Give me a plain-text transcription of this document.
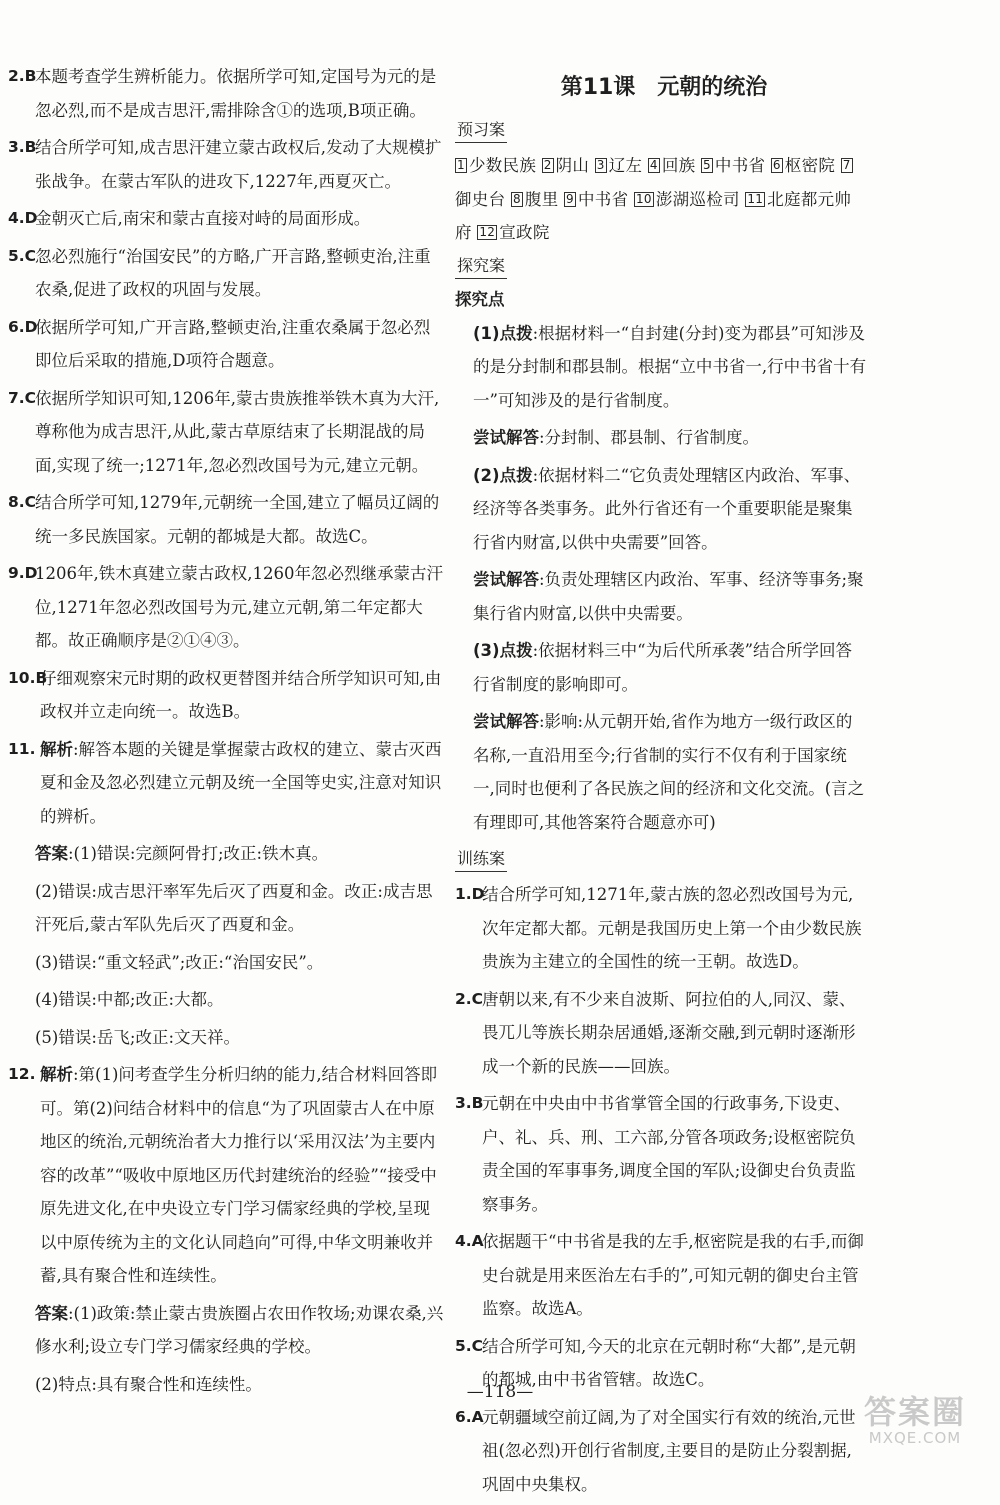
2.B
本题考查学生辨析能力。依据所学可知,定国号为元的是忽必烈,而不是成吉思汗,需排除含①的选项,B项正确。
3.B
结合所学可知,成吉思汗建立蒙古政权后,发动了大规模扩张战争。在蒙古军队的进攻下,1227年,西夏灭亡。
4.D
金朝灭亡后,南宋和蒙古直接对峙的局面形成。
5.C
忽必烈施行“治国安民”的方略,广开言路,整顿吏治,注重农桑,促进了政权的巩固与发展。
6.D
依据所学可知,广开言路,整顿吏治,注重农桑属于忽必烈即位后采取的措施,D项符合题意。
7.C
依据所学知识可知,1206年,蒙古贵族推举铁木真为大汗,尊称他为成吉思汗,从此,蒙古草原结束了长期混战的局面,实现了统一;1271年,忽必烈改国号为元,建立元朝。
8.C
结合所学可知,1279年,元朝统一全国,建立了幅员辽阔的统一多民族国家。元朝的都城是大都。故选C。
9.D
1206年,铁木真建立蒙古政权,1260年忽必烈继承蒙古汗位,1271年忽必烈改国号为元,建立元朝,第二年定都大都。故正确顺序是②①④③。
10.B
仔细观察宋元时期的政权更替图并结合所学知识可知,由政权并立走向统一。故选B。
11. 解析:解答本题的关键是掌握蒙古政权的建立、蒙古灭西夏和金及忽必烈建立元朝及统一全国等史实,注意对知识的辨析。
答案:(1)错误:完颜阿骨打;改正:铁木真。
(2)错误:成吉思汗率军先后灭了西夏和金。改正:成吉思汗死后,蒙古军队先后灭了西夏和金。
(3)错误:“重文轻武”;改正:“治国安民”。
(4)错误:中都;改正:大都。
(5)错误:岳飞;改正:文天祥。
12. 解析:第(1)问考查学生分析归纳的能力,结合材料回答即可。第(2)问结合材料中的信息“为了巩固蒙古人在中原地区的统治,元朝统治者大力推行以‘采用汉法’为主要内容的改革”“吸收中原地区历代封建统治的经验”“接受中原先进文化,在中央设立专门学习儒家经典的学校,呈现以中原传统为主的文化认同趋向”可得,中华文明兼收并蓄,具有聚合性和连续性。
答案:(1)政策:禁止蒙古贵族圈占农田作牧场;劝课农桑,兴修水利;设立专门学习儒家经典的学校。
(2)特点:具有聚合性和连续性。
第11课　元朝的统治
预习案
1 少数民族 2 阴山 3 辽左 4 回族 5 中书省 6 枢密院 7御史台 8 腹里 9 中书省 10 澎湖巡检司 11 北庭都元帅府 12 宣政院
探究案
探究点
(1)点拨:根据材料一“自封建(分封)变为郡县”可知涉及的是分封制和郡县制。根据“立中书省一,行中书省十有一”可知涉及的是行省制度。
尝试解答:分封制、郡县制、行省制度。
(2)点拨:依据材料二“它负责处理辖区内政治、军事、经济等各类事务。此外行省还有一个重要职能是聚集行省内财富,以供中央需要”回答。
尝试解答:负责处理辖区内政治、军事、经济等事务;聚集行省内财富,以供中央需要。
(3)点拨:依据材料三中“为后代所承袭”结合所学回答行省制度的影响即可。
尝试解答:影响:从元朝开始,省作为地方一级行政区的名称,一直沿用至今;行省制的实行不仅有利于国家统一,同时也便利了各民族之间的经济和文化交流。(言之有理即可,其他答案符合题意亦可)
训练案
1.D
结合所学可知,1271年,蒙古族的忽必烈改国号为元,次年定都大都。元朝是我国历史上第一个由少数民族贵族为主建立的全国性的统一王朝。故选D。
2.C
唐朝以来,有不少来自波斯、阿拉伯的人,同汉、蒙、畏兀儿等族长期杂居通婚,逐渐交融,到元朝时逐渐形成一个新的民族——回族。
3.B
元朝在中央由中书省掌管全国的行政事务,下设吏、户、礼、兵、刑、工六部,分管各项政务;设枢密院负责全国的军事事务,调度全国的军队;设御史台负责监察事务。
4.A
依据题干“中书省是我的左手,枢密院是我的右手,而御史台就是用来医治左右手的”,可知元朝的御史台主管监察。故选A。
5.C
结合所学可知,今天的北京在元朝时称“大都”,是元朝的都城,由中书省管辖。故选C。
6.A
元朝疆域空前辽阔,为了对全国实行有效的统治,元世祖(忽必烈)开创行省制度,主要目的是防止分裂割据,巩固中央集权。
—118—
答案圈
MXQE.COM
